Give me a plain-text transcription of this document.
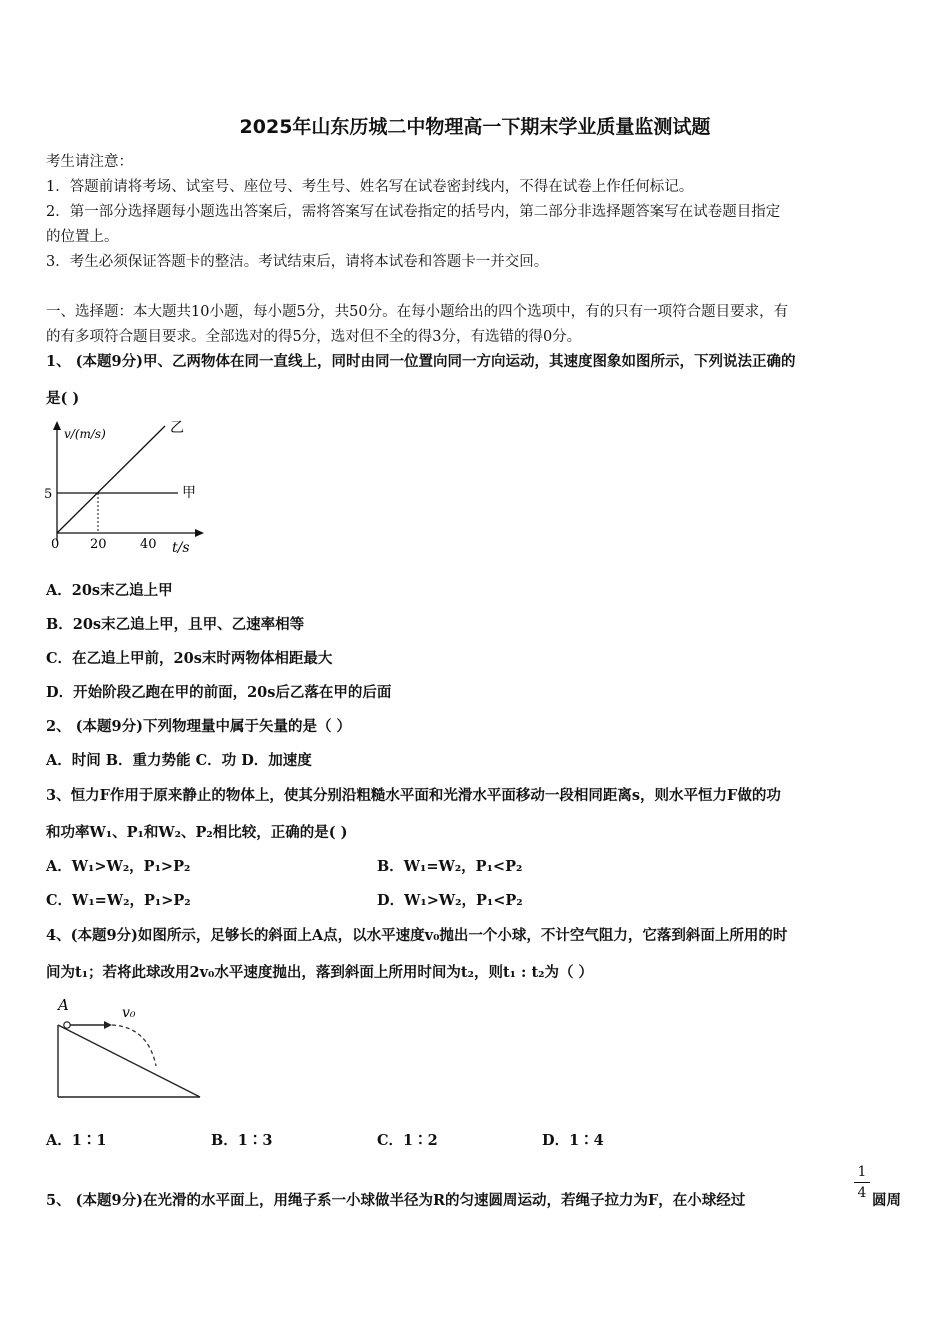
2025年山东历城二中物理高一下期末学业质量监测试题
考生请注意：
1．答题前请将考场、试室号、座位号、考生号、姓名写在试卷密封线内，不得在试卷上作任何标记。
2．第一部分选择题每小题选出答案后，需将答案写在试卷指定的括号内，第二部分非选择题答案写在试卷题目指定
的位置上。
3．考生必须保证答题卡的整洁。考试结束后，请将本试卷和答题卡一并交回。
一、选择题：本大题共10小题，每小题5分，共50分。在每小题给出的四个选项中，有的只有一项符合题目要求，有
的有多项符合题目要求。全部选对的得5分，选对但不全的得3分，有选错的得0分。
1、 (本题9分)甲、乙两物体在同一直线上，同时由同一位置向同一方向运动，其速度图象如图所示，下列说法正确的
是( )
v/(m/s)
t/s
0
5
20	40
乙
甲
A．20s末乙追上甲
B．20s末乙追上甲，且甲、乙速率相等
C．在乙追上甲前，20s末时两物体相距最大
D．开始阶段乙跑在甲的前面，20s后乙落在甲的后面
2、 (本题9分)下列物理量中属于矢量的是（ ）
A．时间 B．重力势能 C．功 D．加速度
3、恒力F作用于原来静止的物体上，使其分别沿粗糙水平面和光滑水平面移动一段相同距离s，则水平恒力F做的功
和功率W₁、P₁和W₂、P₂相比较，正确的是( )
A．W₁>W₂，P₁>P₂	B．W₁=W₂，P₁<P₂
C．W₁=W₂，P₁>P₂	D．W₁>W₂，P₁<P₂
4、(本题9分)如图所示，足够长的斜面上A点，以水平速度v₀抛出一个小球，不计空气阻力，它落到斜面上所用的时
间为t₁；若将此球改用2v₀水平速度抛出，落到斜面上所用时间为t₂，则t₁ : t₂为（ ）
A	v₀
A．1∶1	B．1∶3	C．1∶2	D．1∶4
5、 (本题9分)在光滑的水平面上，用绳子系一小球做半径为R的匀速圆周运动，若绳子拉力为F，在小球经过
1
4 圆周
